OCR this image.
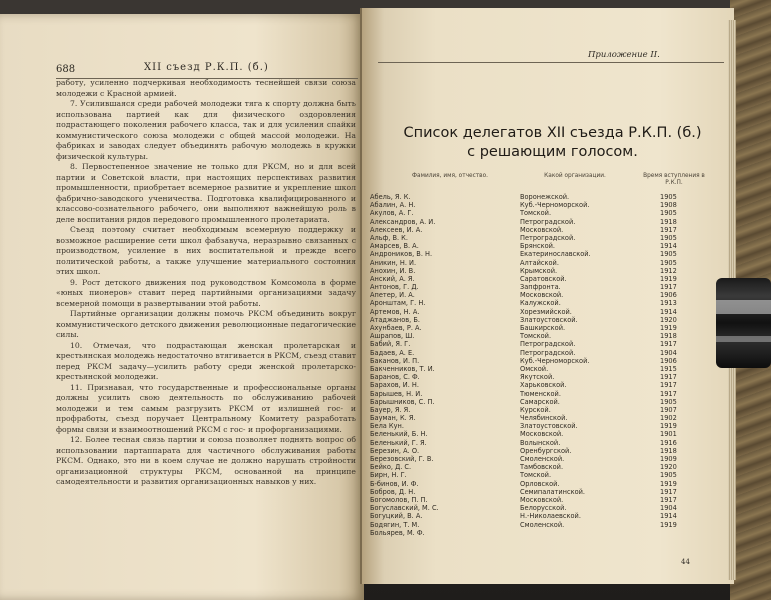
688	XII съезд Р.К.П. (б.)

работу, усиленно подчеркивая необходимость теснейшей связи союза молодежи с Красной армией.

7. Усилившаяся среди рабочей молодежи тяга к спорту должна быть использована партией как для физического оздоровления подрастающего поколения рабочего класса, так и для усиления спайки коммунистического союза молодежи с общей массой молодежи. На фабриках и заводах следует объединять рабочую молодежь в кружки физической культуры.

8. Первостепенное значение не только для РКСМ, но и для всей партии и Советской власти, при настоящих перспективах развития промышленности, приобретает всемерное развитие и укрепление школ фабрично-заводского ученичества. Подготовка квалифицированного и классово-сознательного рабочего, они выполняют важнейшую роль в деле воспитания рядов передового промышленного пролетариата.

Съезд поэтому считает необходимым всемерную поддержку и возможное расширение сети школ фабзавуча, неразрывно связанных с производством, усиление в них воспитательной и прежде всего политической работы, а также улучшение материального состояния этих школ.

9. Рост детского движения под руководством Комсомола в форме «юных пионеров» ставит перед партийными организациями задачу всемерной помощи в развертывании этой работы.

Партийные организации должны помочь РКСМ объединить вокруг коммунистического детского движения революционные педагогические силы.

10. Отмечая, что подрастающая женская пролетарская и крестьянская молодежь недостаточно втягивается в РКСМ, съезд ставит перед РКСМ задачу—усилить работу среди женской пролетарско-крестьянской молодежи.

11. Признавая, что государственные и профессиональные органы должны усилить свою деятельность по обслуживанию рабочей молодежи и тем самым разгрузить РКСМ от излишней гос- и профработы, съезд поручает Центральному Комитету разработать формы связи и взаимоотношений РКСМ с гос- и профорганизациями.

12. Более тесная связь партии и союза позволяет поднять вопрос об использовании партаппарата для частичного обслуживания работы РКСМ. Однако, это ни в коем случае не должно нарушать стройности организационной структуры РКСМ, основанной на принципе самодеятельности и развития организационных навыков у них.

Приложение II.
Список делегатов XII съезда Р.К.П. (б.)
с решающим голосом.
Фамилия, имя, отчество.	Какой организации.	Время вступления в Р.К.П.
Абель, Я. К.	Воронежской.	1905
Абалин, А. Н.	Куб.-Черноморской.	1908
Акулов, А. Г.	Томской.	1905
Александров, А. И.	Петроградской.	1918
Алексеев, И. А.	Московской.	1917
Альф, В. К.	Петроградской.	1905
Амарсев, В. А.	Брянской.	1914
Андроников, В. Н.	Екатеринославской.	1905
Аникин, Н. И.	Алтайской.	1905
Анохин, И. В.	Крымской.	1912
Анский, А. Я.	Саратовской.	1919
Антонов, Г. Д.	Запфронта.	1917
Апетер, И. А.	Московской.	1906
Аронштам, Г. Н.	Калужской.	1913
Артемов, Н. А.	Хорезмийской.	1914
Атаджанов, Б.	Златоустовской.	1920
Ахунбаев, Р. А.	Башкирской.	1919
Ашрапов, Ш.	Томской.	1918
Бабий, Я. Г.	Петроградской.	1917
Бадаев, А. Е.	Петроградской.	1904
Баканов, И. П.	Куб.-Черноморской.	1906
Бакченников, Т. И.	Омской.	1915
Баранов, С. Ф.	Якутской.	1917
Барахов, И. Н.	Харьковской.	1917
Барышев, Н. И.	Тюменской.	1917
Барышников, С. П.	Самарской.	1905
Бауер, Я. Я.	Курской.	1907
Бауман, К. Я.	Челябинской.	1902
Бела Кун.	Златоустовской.	1919
Беленький, Б. Н.	Московской.	1901
Беленький, Г. Я.	Волынской.	1916
Березин, А. О.	Оренбургской.	1918
Березовский, Г. В.	Смоленской.	1909
Бейко, Д. С.	Тамбовской.	1920
Бирн, Н. Г.	Томской.	1905
Б-бинов, И. Ф.	Орловской.	1919
Бобров, Д. Н.	Семипалатинской.	1917
Богомолов, П. П.	Московской.	1917
Богуславский, М. С.	Белорусской.	1904
Богуцкий, В. А.	Н.-Николаевской.	1914
Бодягин, Т. М.	Смоленской.	1919
Больярев, М. Ф.
44
